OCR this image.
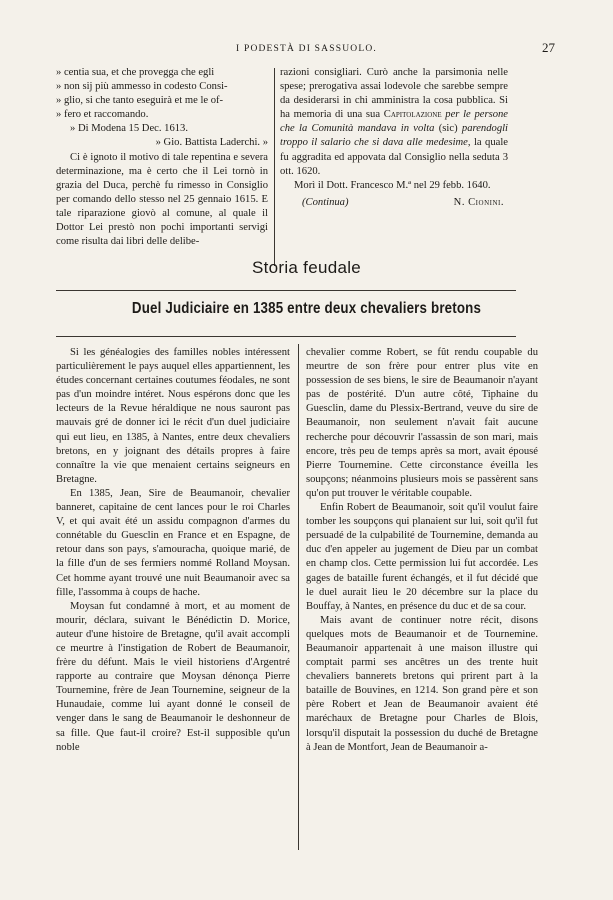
I PODESTÀ DI SASSUOLO.	27

» centia sua, et che provegga che egli

» non sij più ammesso in codesto Consi-

» glio, si che tanto eseguirà et me le of-

» fero et raccomando.

» Di Modena 15 Dec. 1613.

» Gio. Battista Laderchi. »

Ci è ignoto il motivo di tale repentina e severa determinazione, ma è certo che il Lei tornò in grazia del Duca, perchè fu rimesso in Consiglio per comando dello stesso nel 25 gennaio 1615. E tale riparazione giovò al comune, al quale il Dottor Lei prestò non pochi importanti servigi come risulta dai libri delle delibe-

razioni consigliari. Curò anche la parsimonia nelle spese; prerogativa assai lodevole che sarebbe sempre da desiderarsi in chi amministra la cosa pubblica. Si ha memoria di una sua Capitolazione per le persone che la Comunità mandava in volta (sic) parendogli troppo il salario che si dava alle medesime, la quale fu aggradita ed appovata dal Consiglio nella seduta 3 ott. 1620.

Morì il Dott. Francesco M.ª nel 29 febb. 1640.

(Continua)	N. Cionini.
Storia feudale
Duel Judiciaire en 1385 entre deux chevaliers bretons

Si les généalogies des familles nobles intéressent particulièrement le pays auquel elles appartiennent, les études concernant certaines coutumes féodales, ne sont pas d'un moindre intéret. Nous espérons donc que les lecteurs de la Revue héraldique ne nous sauront pas mauvais gré de donner ici le récit d'un duel judiciaire qui eut lieu, en 1385, à Nantes, entre deux chevaliers bretons, en y joignant des détails propres à faire connaître la vie que menaient certains seigneurs en Bretagne.

En 1385, Jean, Sire de Beaumanoir, chevalier banneret, capitaine de cent lances pour le roi Charles V, et qui avait été un assidu compagnon d'armes du connétable du Guesclin en France et en Espagne, de retour dans son pays, s'amouracha, quoique marié, de la fille d'un de ses fermiers nommé Rolland Moysan. Cet homme ayant trouvé une nuit Beaumanoir avec sa fille, l'assomma à coups de hache.

Moysan fut condamné à mort, et au moment de mourir, déclara, suivant le Bénédictin D. Morice, auteur d'une histoire de Bretagne, qu'il avait accompli ce meurtre à l'instigation de Robert de Beaumanoir, frère du défunt. Mais le vieil historiens d'Argentré rapporte au contraire que Moysan dénonça Pierre Tournemine, frère de Jean Tournemine, seigneur de la Hunaudaie, comme lui ayant donné le conseil de venger dans le sang de Beaumanoir le deshonneur de sa fille. Que faut-il croire? Est-il supposible qu'un noble

chevalier comme Robert, se fût rendu coupable du meurtre de son frère pour entrer plus vite en possession de ses biens, le sire de Beaumanoir n'ayant pas de postérité. D'un autre côté, Tiphaine du Guesclin, dame du Plessix-Bertrand, veuve du sire de Beaumanoir, non seulement n'avait fait aucune recherche pour découvrir l'assassin de son mari, mais encore, très peu de temps après sa mort, avait épousé Pierre Tournemine. Cette circonstance éveilla les soupçons; néanmoins plusieurs mois se passèrent sans qu'on put trouver le véritable coupable.

Enfin Robert de Beaumanoir, soit qu'il voulut faire tomber les soupçons qui planaient sur lui, soit qu'il fut persuadé de la culpabilité de Tournemine, demanda au duc d'en appeler au jugement de Dieu par un combat en champ clos. Cette permission lui fut accordée. Les gages de bataille furent échangés, et il fut décidé que le duel aurait lieu le 20 décembre sur la place du Bouffay, à Nantes, en présence du duc et de sa cour.

Mais avant de continuer notre récit, disons quelques mots de Beaumanoir et de Tournemine. Beaumanoir appartenait à une maison illustre qui comptait parmi ses ancêtres un des trente huit chevaliers bannerets bretons qui prirent part à la bataille de Bouvines, en 1214. Son grand père et son père Robert et Jean de Beaumanoir avaient été maréchaux de Bretagne pour Charles de Blois, lorsqu'il disputait la possession du duché de Bretagne à Jean de Montfort, Jean de Beaumanoir a-
